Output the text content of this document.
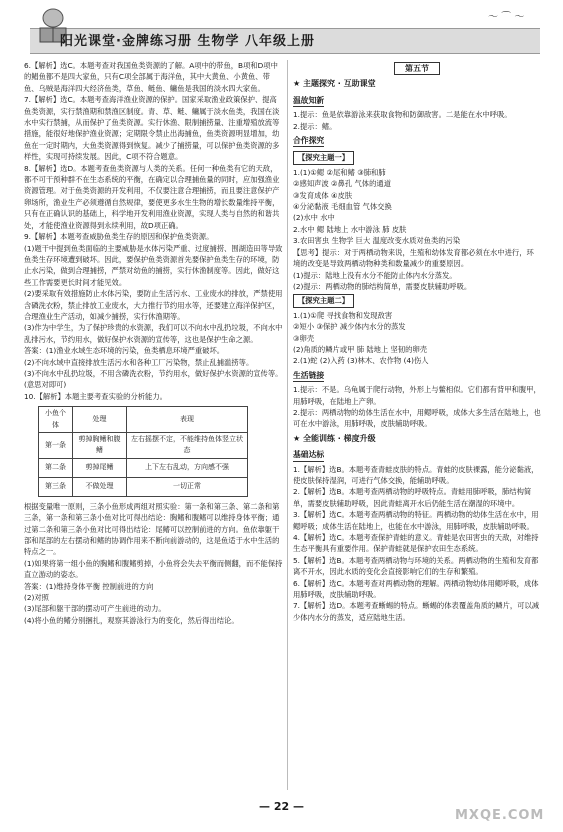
阳光课堂·金牌练习册 生物学 八年级上册
〜 ⌒ 〜

6.【解析】选C。本题考查对我国鱼类资源的了解。A项中的带鱼，B项和D项中的鲳鱼都不是四大家鱼，只有C项全部属于海洋鱼，其中大黄鱼、小黄鱼、带鱼、乌贼是海洋四大经济鱼类，草鱼、鲢鱼、鳙鱼是我国的淡水四大家鱼。

7.【解析】选C。本题考查海洋渔业资源的保护。国家采取渔业政策保护、提高鱼类资源，实行禁渔期和禁渔区制度。青、草、鲢、鳙属于淡水鱼类，我国在淡水中实行禁捕，从而保护了鱼类资源。实行休渔、限制捕捞量、注重增殖放流等措施，能很好地保护渔业资源；定期限令禁止出海捕鱼，鱼类资源明显增加，幼鱼在一定时期内，大鱼类资源得到恢复。减少了捕捞量，可以保护鱼类资源的多样性，实现可持续发展。因此，C项不符合题意。

8.【解析】选D。本题考查鱼类资源与人类的关系。任何一种鱼类有它的天敌，都不可干预种群不在生态系统的平衡，在确定以合理捕鱼量的同时，应加强渔业资源管理。对于鱼类资源的开发利用，不仅要注意合理捕捞，而且要注意保护产卵场所，渔业生产必须遵循自然规律，要使更多水生生物的增长数量维持平衡，只有在正确认识的基础上，科学地开发利用渔业资源，实现人类与自然的和谐共处，才能使渔业资源得到永续利用，故D项正确。

9.【解析】本题考查威胁鱼类生存的原因和保护鱼类资源。

(1)题干中提到鱼类面临的主要威胁是水体污染严重、过度捕捞、围湖造田等导致鱼类生存环境遭到破坏。因此，要保护鱼类资源首先要保护鱼类生存的环境，防止水污染，做到合理捕捞，严禁对幼鱼的捕捞，实行休渔制度等。因此，做好这些工作需要更长时间才能见效。

(2)要采取有效措施防止水体污染，要防止生活污水、工业废水的排放，严禁使用含磷洗衣粉，禁止排放工业废水，大力推行节约用水等，还要建立海洋保护区，合理渔业生产活动，如减少捕捞，实行休渔期等。

(3)作为中学生，为了保护珍贵的水资源，我们可以不向水中乱扔垃圾，不向水中乱排污水，节约用水，做好保护水资源的宣传等，这也是保护生命之源。

答案：(1)渔业水域生态环境的污染，鱼类栖息环境严重破坏。

(2)不向水域中直接排放生活污水和各种工厂污染物，禁止乱捕滥捞等。

(3)不向水中乱扔垃圾，不用含磷洗衣粉，节约用水，做好保护水资源的宣传等。(意思对即可)

10.【解析】本题主要考查实验的分析能力。

小鱼个体	处理	表现
第一条	剪掉胸鳍和腹鳍	左右摇摆不定，不能维持鱼体竖立状态
第二条	剪掉尾鳍	上下左右乱动，方向感不强
第三条	不做处理	一切正常

根据变量唯一原则，三条小鱼形成两组对照实验：第一条和第三条、第二条和第三条，第一条和第三条小鱼对比可得出结论：胸鳍和腹鳍可以维持身体平衡；通过第二条和第三条小鱼对比可得出结论：尾鳍可以控制前进的方向。鱼依靠躯干部和尾部的左右摆动和鳍的协调作用来不断向前游动的，这是鱼适于水中生活的特点之一。

(1)如果将第一组小鱼的胸鳍和腹鳍剪掉，小鱼将会失去平衡而侧翻，而不能保持直立游动的姿态。

答案：(1)维持身体平衡 控制前进的方向

(2)对照

(3)尾部和躯干部的摆动可产生前进的动力。

(4)将小鱼的鳍分别捆扎，观察其游泳行为的变化，然后得出结论。

第五节
★ 主题探究 · 互助课堂
温故知新

1.提示：鱼是依靠游泳来获取食物和防御敌害。二是能在水中呼吸。

2.提示：鳍。

合作探究
【探究主题一】

1.(1)①鳃 ②尾和鳍 ③肺和肺

②感知声波 ②鼻孔 气体的通道

③发育成体 ④皮肤

④分泌黏液 毛细血管 气体交换

(2)水中 水中

2.水中 鳃 陆地上 水中游泳 肺 皮肤

3.农田害虫 生物学 巨大 温度改变水质对鱼类的污染

【思考】提示：对于两栖动物来说，生殖和幼体发育都必须在水中进行，环境的改变是导致两栖动物种类和数量减少的重要原因。

(1)提示：陆地上没有水分不能防止体内水分蒸发。

(2)提示：两栖动物的肺结构简单，需要皮肤辅助呼吸。

【探究主题二】

1.(1)①爬 寻找食物和发现敌害

②短小 ③保护 减少体内水分的蒸发

③卵壳

(2)角质的鳞片或甲 肺 陆地上 坚韧的卵壳

2.(1)蛇 (2)入药 (3)林木、农作物 (4)伤人

生活链接

1.提示：不是。乌龟属于爬行动物，外形上与鳖相似。它们都有背甲和腹甲，用肺呼吸，在陆地上产卵。

2.提示：两栖动物的幼体生活在水中，用鳃呼吸，成体大多生活在陆地上，也可在水中游泳，用肺呼吸，皮肤辅助呼吸。

★ 全能训练 · 梯度升级
基础达标

1.【解析】选B。本题考查青蛙皮肤的特点。青蛙的皮肤裸露，能分泌黏液，使皮肤保持湿润，可进行气体交换，能辅助呼吸。

2.【解析】选B。本题考查两栖动物的呼吸特点。青蛙用肺呼吸，肺结构简单，需要皮肤辅助呼吸，因此青蛙离开水后仍能生活在潮湿的环境中。

3.【解析】选C。本题考查两栖动物的特征。两栖动物的幼体生活在水中，用鳃呼吸；成体生活在陆地上，也能在水中游泳，用肺呼吸，皮肤辅助呼吸。

4.【解析】选C。本题考查保护青蛙的意义。青蛙是农田害虫的天敌，对维持生态平衡具有重要作用。保护青蛙就是保护农田生态系统。

5.【解析】选B。本题考查两栖动物与环境的关系。两栖动物的生殖和发育都离不开水，因此水质的变化会直接影响它们的生存和繁殖。

6.【解析】选C。本题考查对两栖动物的理解。两栖动物幼体用鳃呼吸，成体用肺呼吸，皮肤辅助呼吸。

7.【解析】选D。本题考查蜥蜴的特点。蜥蜴的体表覆盖角质的鳞片，可以减少体内水分的蒸发，适应陆地生活。

— 22 —
MXQE.COM
